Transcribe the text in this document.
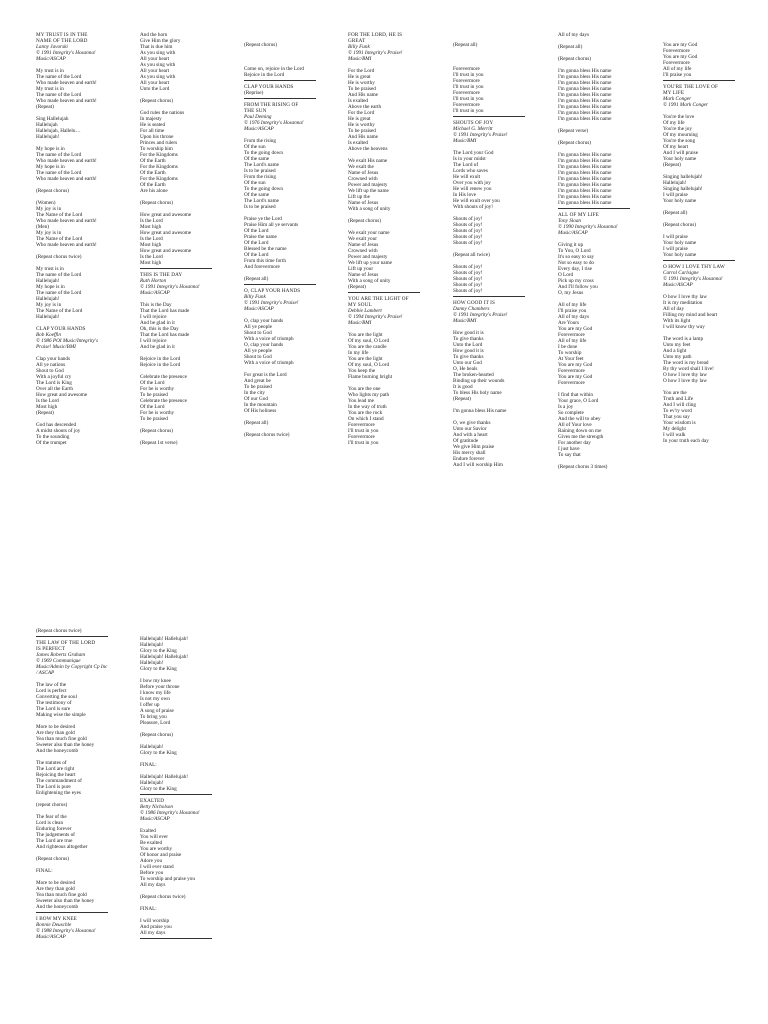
MY TRUST IS IN THE
NAME OF THE LORD
Lanny Javorski
© 1991 Integrity's Hosanna!
Music/ASCAP
My trust is in
The name of the Lord
Who made heaven and earth!
My trust is in
The name of the Lord
Who made heaven and earth!
(Repeat)
Sing Hallelujah
Hallelujah
Hallelujah, Hallelu…
Hallelujah!
My hope is in
The name of the Lord
Who made heaven and earth!
My hope is in
The name of the Lord
Who made heaven and earth!
(Repeat chorus)
(Women)
My joy is in
The Name of the Lord
Who made heaven and earth!
(Men)
My joy is in
The Name of the Lord
Who made heaven and earth!
(Repeat chorus twice)
My trust is in
The name of the Lord
Hallelujah!
My hope is in
The name of the Lord
Hallelujah!
My joy is in
The Name of the Lord
Hallelujah!
CLAP YOUR HANDS
Bob Koeffin
© 1986 POI Music/Integrity's
Praise! Music/BMI
Clap your hands
All ye nations
Shout to God
With a joyful cry
The Lord is King
Over all the Earth
How great and awesome
Is the Lord
Most high
(Repeat)
God has descended
A midst shouts of joy
To the sounding
Of the trumpet
And the horn
Give Him the glory
That is due him
As you sing with
All your heart
As you sing with
All your heart
As you sing with
All your heart
Unto the Lord
(Repeat chorus)
God rules the nations
In majesty
He is seated
For all time
Upon his throne
Princes and rulers
To worship him
For the Kingdoms
Of the Earth
For the Kingdoms
Of the Earth
For the Kingdoms
Of the Earth
Are his alone
(Repeat chorus)
How great and awesome
Is the Lord
Most high
How great and awesome
Is the Lord
Most high
How great and awesome
Is the Lord
Most high
THIS IS THE DAY
Ruth Horton
© 1991 Integrity's Hosanna!
Music/ASCAP
This is the Day
That the Lord has made
I will rejoice
And be glad in it
Oh, this is the Day
That the Lord has made
I will rejoice
And be glad in it
Rejoice in the Lord
Rejoice in the Lord
Celebrate the presence
Of the Lord
For he is worthy
To be praised
Celebrate the presence
Of the Lord
For he is worthy
To be praised
(Repeat chorus)
(Repeat 1st verse)
(Repeat chorus)
Come on, rejoice in the Lord
Rejoice in the Lord
CLAP YOUR HANDS
(Reprise)
FROM THE RISING OF
THE SUN
Paul Deming
© 1976 Integrity's Hosanna!
Music/ASCAP
From the rising
Of the sun
To the going down
Of the same
The Lord's name
Is to be praised
From the rising
Of the sun
To the going down
Of the same
The Lord's name
Is to be praised
Praise ye the Lord
Praise Him all ye servants
Of the Lord
Praise the name
Of the Lord
Blessed be the name
Of the Lord
From this time forth
And forevermore
(Repeat all)
O, CLAP YOUR HANDS
Billy Funk
© 1991 Integrity's Praise!
Music/ASCAP
O, clap your hands
All ye people
Shout to God
With a voice of triumph
O, clap your hands
All ye people
Shout to God
With a voice of triumph
For great is the Lord
And great be
To be praised
In the city
Of our God
In the mountain
Of His holiness
(Repeat all)
(Repeat chorus twice)
FOR THE LORD, HE IS
GREAT
Billy Funk
© 1991 Integrity's Praise!
Music/BMI
For the Lord
He is great
He is worthy
To be praised
And His name
Is exalted
Above the earth
For the Lord
He is great
He is worthy
To be praised
And His name
Is exalted
Above the heavens
We exalt His name
We exalt the
Name of Jesus
Crowned with
Power and majesty
We lift up the name
Lift up the
Name of Jesus
With a song of unity
(Repeat chorus)
We exalt your name
We exalt your
Name of Jesus
Crowned with
Power and majesty
We lift up your name
Lift up your
Name of Jesus
With a song of unity
(Repeat)
YOU ARE THE LIGHT OF
MY SOUL
Debbie Lambert
© 1994 Integrity's Praise!
Music/BMI
You are the light
Of my soul, O Lord
You are the candle
In my life
You are the light
Of my soul, O Lord
You keep the
Flame burning bright
You are the one
Who lights my path
You lead me
In the way of truth
You are the rock
On which I stand
Forevermore
I'll trust in you
Forevermore
I'll trust in you
(Repeat all)
Forevermore
I'll trust in you
Forevermore
I'll trust in you
Forevermore
I'll trust in you
Forevermore
I'll trust in you
SHOUTS OF JOY
Michael G. Merritt
© 1991 Integrity's Praise!
Music/BMI
The Lord your God
Is in your midst
The Lord of
Lords who saves
He will exult
Over you with joy
He will renew you
In His love
He will exult over you
With shouts of joy!
Shouts of joy!
Shouts of joy!
Shouts of joy!
Shouts of joy!
Shouts of joy!
(Repeat all twice)
Shouts of joy!
Shouts of joy!
Shouts of joy!
Shouts of joy!
Shouts of joy!
HOW GOOD IT IS
Danny Chambers
© 1991 Integrity's Praise!
Music/BMI
How good it is
To give thanks
Unto the Lord
How good it is
To give thanks
Unto our God
O, He heals
The broken-hearted
Binding up their wounds
It is good
To bless His holy name
(Repeat)
I'm gonna bless His name
O, we give thanks
Unto our Savior
And with a heart
Of gratitude
We give Him praise
His mercy shall
Endure forever
And I will worship Him
All of my days
(Repeat all)
(Repeat chorus)
I'm gonna bless His name
I'm gonna bless His name
I'm gonna bless His name
I'm gonna bless His name
I'm gonna bless His name
I'm gonna bless His name
I'm gonna bless His name
I'm gonna bless His name
I'm gonna bless His name
(Repeat verse)
(Repeat chorus)
I'm gonna bless His name
I'm gonna bless His name
I'm gonna bless His name
I'm gonna bless His name
I'm gonna bless His name
I'm gonna bless His name
I'm gonna bless His name
I'm gonna bless His name
I'm gonna bless His name
ALL OF MY LIFE
Tony Sloan
© 1990 Integrity's Hosanna!
Music/ASCAP
Giving it up
To You, O Lord
It's so easy to say
Not so easy to do
Every day, I rise
O Lord
Pick up my cross
And I'll follow you
O, my Jesus
All of my life
I'll praise you
All of my days
Are Yours
You are my God
Forevermore
All of my life
I be done
To worship
At Your feet
You are my God
Forevermore
You are my God
Forevermore
I find that within
Your grace, O Lord
Is a joy
So complete
And the will to obey
All of Your love
Raining down on me
Gives me the strength
For another day
I just have
To say that
(Repeat chorus 3 times)
You are my God
Forevermore
You are my God
Forevermore
All of my life
I'll praise you
YOU'RE THE LOVE OF
MY LIFE
Mark Conger
© 1991 Mark Conger
You're the love
Of my life
You're the joy
Of my mourning
You're the song
Of my heart
And I will praise
Your holy name
(Repeat)
Singing hallelujah!
Hallelujah!
Singing hallelujah!
I will praise
Your holy name
(Repeat all)
(Repeat chorus)
I will praise
Your holy name
I will praise
Your holy name
O HOW I LOVE THY LAW
Carrol Carlsigne
© 1991 Integrity's Hosanna!
Music/ASCAP
O how I love thy law
It is my meditation
All of day
Filling my mind and heart
With its light
I will know thy way
The word is a lamp
Unto my feet
And a light
Unto my path
The word is my bread
By thy word shall I live!
O how I love thy law
O how I love thy law
You are the
Truth and Life
And I will cling
To ev'ry word
That you say
Your wisdom is
My delight
I will walk
In your truth each day
(Repeat chorus twice)
THE LAW OF THE LORD
IS PERFECT
James Roberts Graham
© 1969 Communique
Music/Admin by Copyright Cp Inc
/ ASCAP
The law of the
Lord is perfect
Converting the soul
The testimony of
The Lord is sure
Making wise the simple
More to be desired
Are they than gold
Yea than much fine gold
Sweeter also than the honey
And the honeycomb
The statutes of
The Lord are right
Rejoicing the heart
The commandment of
The Lord is pure
Enlightening the eyes
(repeat chorus)
The fear of the
Lord is clean
Enduring forever
The judgements of
The Lord are true
And righteous altogether
(Repeat chorus)
FINAL:
More to be desired
Are they than gold
Yea than much fine gold
Sweeter also than the honey
And the honeycomb
I BOW MY KNEE
Bonnie Deuschle
© 1988 Integrity's Hosanna!
Music/ASCAP
Hallelujah! Hallelujah!
Hallelujah!
Glory to the King
Hallelujah! Hallelujah!
Hallelujah!
Glory to the King
I bow my knee
Before your throne
I know my life
Is not my own
I offer up
A song of praise
To bring you
Pleasure, Lord
(Repeat chorus)
Hallelujah!
Glory to the King
FINAL:
Hallelujah! Hallelujah!
Hallelujah!
Glory to the King
EXALTED
Betty Nicholson
© 1986 Integrity's Hosanna!
Music/ASCAP
Exalted
You will ever
Be exalted
You are worthy
Of honor and praise
Adore you
I will ever stand
Before you
To worship and praise you
All my days
(Repeat chorus twice)
FINAL:
I will worship
And praise you
All my days
